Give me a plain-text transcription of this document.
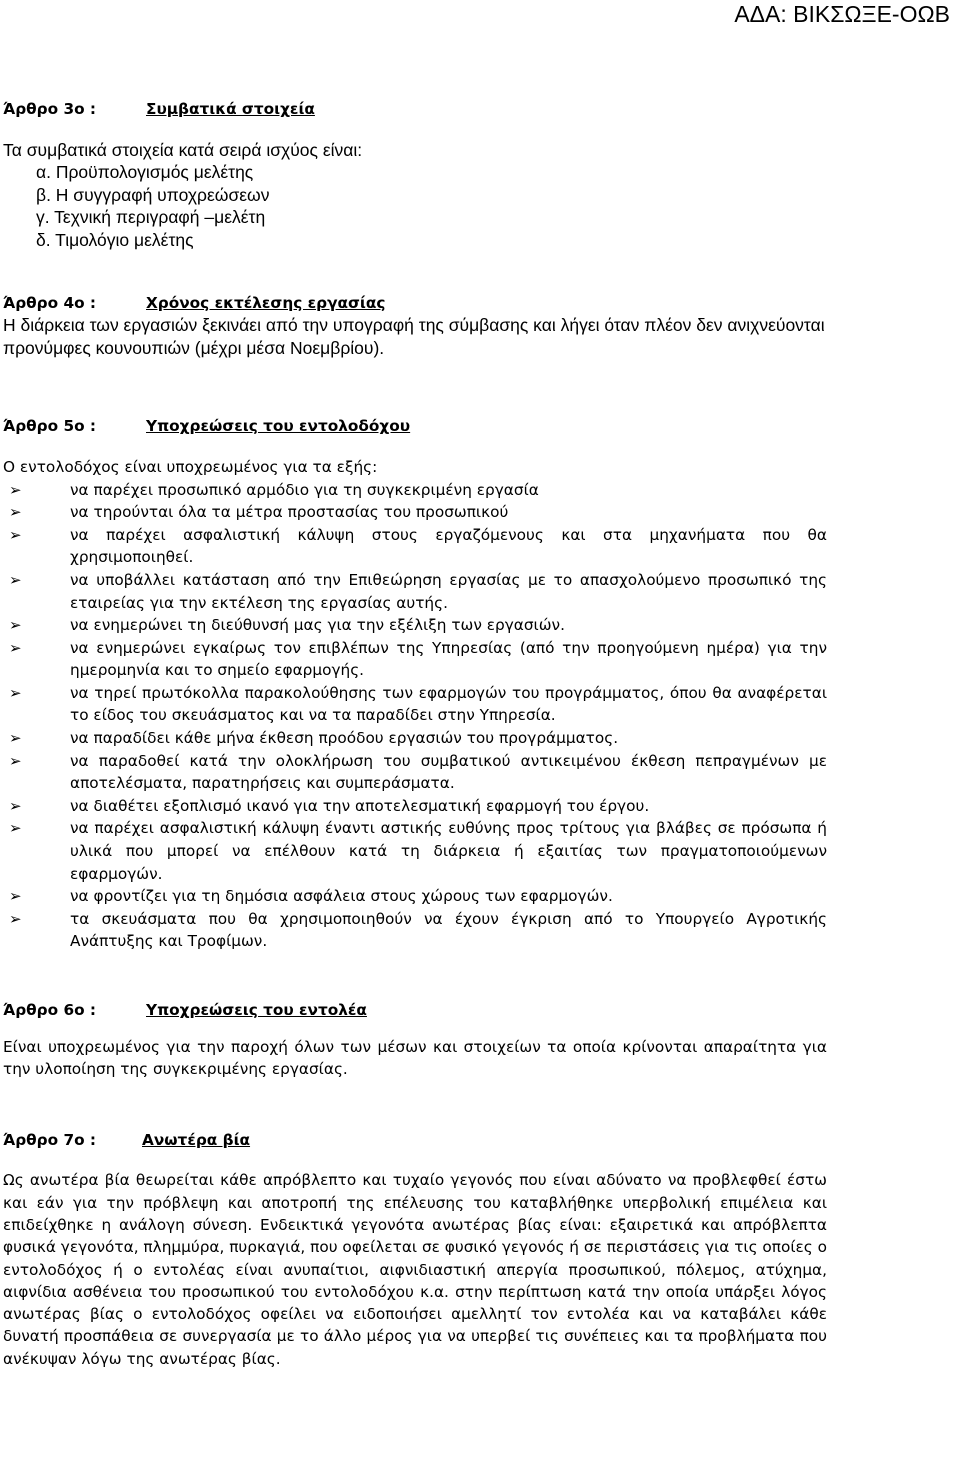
ΑΔΑ: ΒΙΚΣΩΞΕ-ΟΩΒ
Άρθρο 3ο :	Συμβατικά στοιχεία
Τα συμβατικά στοιχεία κατά σειρά ισχύος είναι:
α. Προϋπολογισμός μελέτης
β. Η συγγραφή υποχρεώσεων
γ. Τεχνική περιγραφή –μελέτη
δ. Τιμολόγιο μελέτης
Άρθρο 4ο :	Χρόνος εκτέλεσης εργασίας
Η διάρκεια των εργασιών ξεκινάει από την υπογραφή της σύμβασης και λήγει όταν πλέον δεν ανιχνεύονται προνύμφες κουνουπιών (μέχρι μέσα Νοεμβρίου).
Άρθρο 5ο :	Υποχρεώσεις του εντολοδόχου
Ο εντολοδόχος είναι υποχρεωμένος για τα εξής:
➢	να παρέχει προσωπικό αρμόδιο για τη συγκεκριμένη εργασία
➢	να τηρούνται όλα τα μέτρα προστασίας του προσωπικού
➢	να παρέχει ασφαλιστική κάλυψη στους εργαζόμενους και στα μηχανήματα που θα χρησιμοποιηθεί.
➢	να υποβάλλει κατάσταση από την Επιθεώρηση εργασίας με το απασχολούμενο προσωπικό της εταιρείας για την εκτέλεση της εργασίας αυτής.
➢	να ενημερώνει τη διεύθυνσή μας για την εξέλιξη των εργασιών.
➢	να ενημερώνει εγκαίρως τον επιβλέπων της Υπηρεσίας (από την προηγούμενη ημέρα) για την ημερομηνία και το σημείο εφαρμογής.
➢	να τηρεί πρωτόκολλα παρακολούθησης των εφαρμογών του προγράμματος, όπου θα αναφέρεται το είδος του σκευάσματος και να τα παραδίδει στην Υπηρεσία.
➢	να παραδίδει κάθε μήνα έκθεση προόδου εργασιών του προγράμματος.
➢	να παραδοθεί κατά την ολοκλήρωση του συμβατικού αντικειμένου έκθεση πεπραγμένων με αποτελέσματα, παρατηρήσεις και συμπεράσματα.
➢	να διαθέτει εξοπλισμό ικανό για την αποτελεσματική εφαρμογή του έργου.
➢	να παρέχει ασφαλιστική κάλυψη έναντι αστικής ευθύνης προς τρίτους για βλάβες σε πρόσωπα ή υλικά που μπορεί να επέλθουν κατά τη διάρκεια ή εξαιτίας των πραγματοποιούμενων εφαρμογών.
➢	να φροντίζει για τη δημόσια ασφάλεια στους χώρους των εφαρμογών.
➢	τα σκευάσματα που θα χρησιμοποιηθούν να έχουν έγκριση από το Υπουργείο Αγροτικής Ανάπτυξης και Τροφίμων.
Άρθρο 6ο :	Υποχρεώσεις του εντολέα
Είναι υποχρεωμένος για την παροχή όλων των μέσων και στοιχείων τα οποία κρίνονται απαραίτητα για την υλοποίηση της συγκεκριμένης εργασίας.
Άρθρο 7ο :	Ανωτέρα βία
Ως ανωτέρα βία θεωρείται κάθε απρόβλεπτο και τυχαίο γεγονός που είναι αδύνατο να προβλεφθεί έστω και εάν για την πρόβλεψη και αποτροπή της επέλευσης του καταβλήθηκε υπερβολική επιμέλεια και επιδείχθηκε η ανάλογη σύνεση. Ενδεικτικά γεγονότα ανωτέρας βίας είναι: εξαιρετικά και απρόβλεπτα φυσικά γεγονότα, πλημμύρα, πυρκαγιά, που οφείλεται σε φυσικό γεγονός ή σε περιστάσεις για τις οποίες ο εντολοδόχος ή ο εντολέας είναι ανυπαίτιοι, αιφνιδιαστική απεργία προσωπικού, πόλεμος, ατύχημα, αιφνίδια ασθένεια του προσωπικού του εντολοδόχου κ.α. στην περίπτωση κατά την οποία υπάρξει λόγος ανωτέρας βίας ο εντολοδόχος οφείλει να ειδοποιήσει αμελλητί τον εντολέα και να καταβάλει κάθε δυνατή προσπάθεια σε συνεργασία με το άλλο μέρος για να υπερβεί τις συνέπειες και τα προβλήματα που ανέκυψαν λόγω της ανωτέρας βίας.
